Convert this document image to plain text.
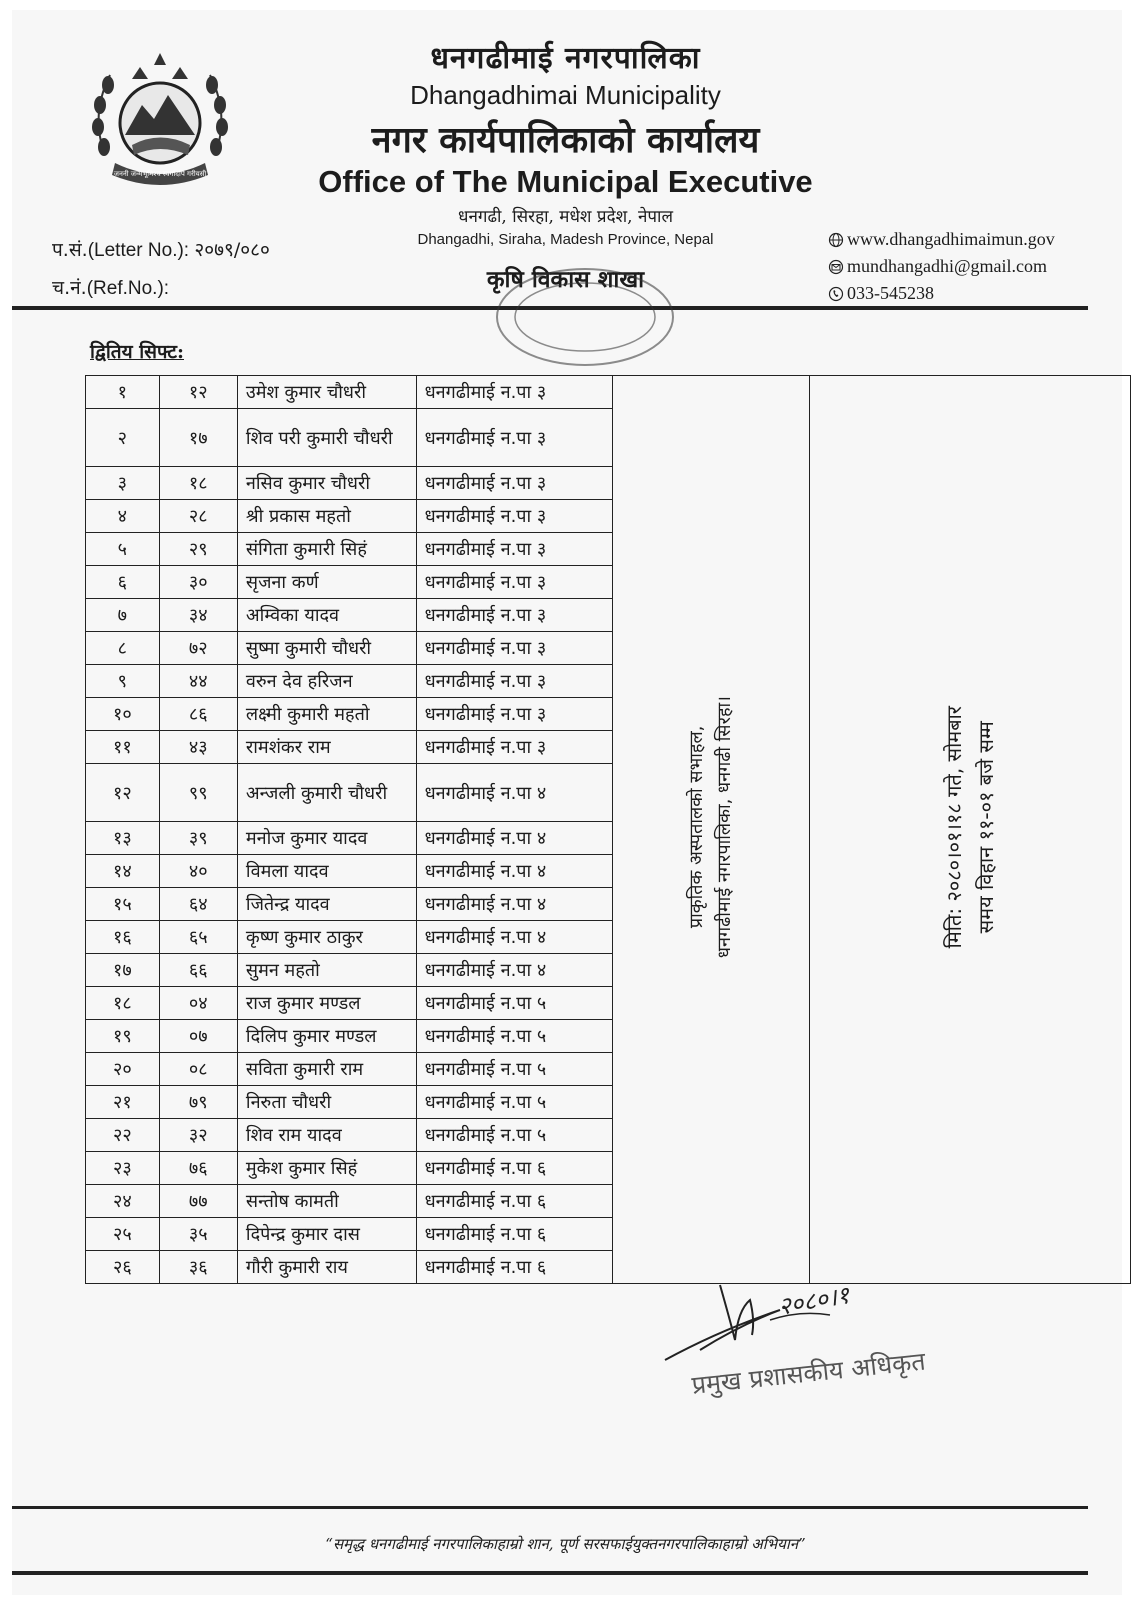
जननी जन्मभूमिश्च स्वर्गादपि गरीयसी
धनगढीमाई नगरपालिका
Dhangadhimai Municipality
नगर कार्यपालिकाको कार्यालय
Office of The Municipal Executive
धनगढी, सिरहा, मधेश प्रदेश, नेपाल
Dhangadhi, Siraha, Madesh Province, Nepal
कृषि विकास शाखा
प.सं.(Letter No.): २०७९/०८०
च.नं.(Ref.No.):
www.dhangadhimaimun.gov
mundhangadhi@gmail.com
033-545238
द्वितिय सिफ्ट:
१	१२	उमेश कुमार चौधरी	धनगढीमाई न.पा ३	प्राकृतिक अस्पतालको सभाहल, धनगढीमाई नगरपालिका, धनगढी सिरहा।	मिति: २०८०।०१।१८ गते, सोमबार समय विहान ११-०१ बजे सम्म
२	१७	शिव परी कुमारी चौधरी	धनगढीमाई न.पा ३		
३	१८	नसिव कुमार चौधरी	धनगढीमाई न.पा ३		
४	२८	श्री प्रकास महतो	धनगढीमाई न.पा ३		
५	२९	संगिता कुमारी सिहं	धनगढीमाई न.पा ३		
६	३०	सृजना कर्ण	धनगढीमाई न.पा ३		
७	३४	अम्विका यादव	धनगढीमाई न.पा ३		
८	७२	सुष्मा कुमारी चौधरी	धनगढीमाई न.पा ३		
९	४४	वरुन देव हरिजन	धनगढीमाई न.पा ३		
१०	८६	लक्ष्मी कुमारी महतो	धनगढीमाई न.पा ३		
११	४३	रामशंकर राम	धनगढीमाई न.पा ३		
१२	९९	अन्जली कुमारी चौधरी	धनगढीमाई न.पा ४		
१३	३९	मनोज कुमार यादव	धनगढीमाई न.पा ४		
१४	४०	विमला यादव	धनगढीमाई न.पा ४		
१५	६४	जितेन्द्र यादव	धनगढीमाई न.पा ४		
१६	६५	कृष्ण कुमार ठाकुर	धनगढीमाई न.पा ४		
१७	६६	सुमन महतो	धनगढीमाई न.पा ४		
१८	०४	राज कुमार मण्डल	धनगढीमाई न.पा ५		
१९	०७	दिलिप कुमार मण्डल	धनगढीमाई न.पा ५		
२०	०८	सविता कुमारी राम	धनगढीमाई न.पा ५		
२१	७९	निरुता चौधरी	धनगढीमाई न.पा ५		
२२	३२	शिव राम यादव	धनगढीमाई न.पा ५		
२३	७६	मुकेश कुमार सिहं	धनगढीमाई न.पा ६		
२४	७७	सन्तोष कामती	धनगढीमाई न.पा ६		
२५	३५	दिपेन्द्र कुमार दास	धनगढीमाई न.पा ६		
२६	३६	गौरी कुमारी राय	धनगढीमाई न.पा ६		
२०८०।१
प्रमुख प्रशासकीय अधिकृत
“समृद्ध धनगढीमाई नगरपालिकाहाम्रो शान, पूर्ण सरसफाईयुक्तनगरपालिकाहाम्रो अभियान”
